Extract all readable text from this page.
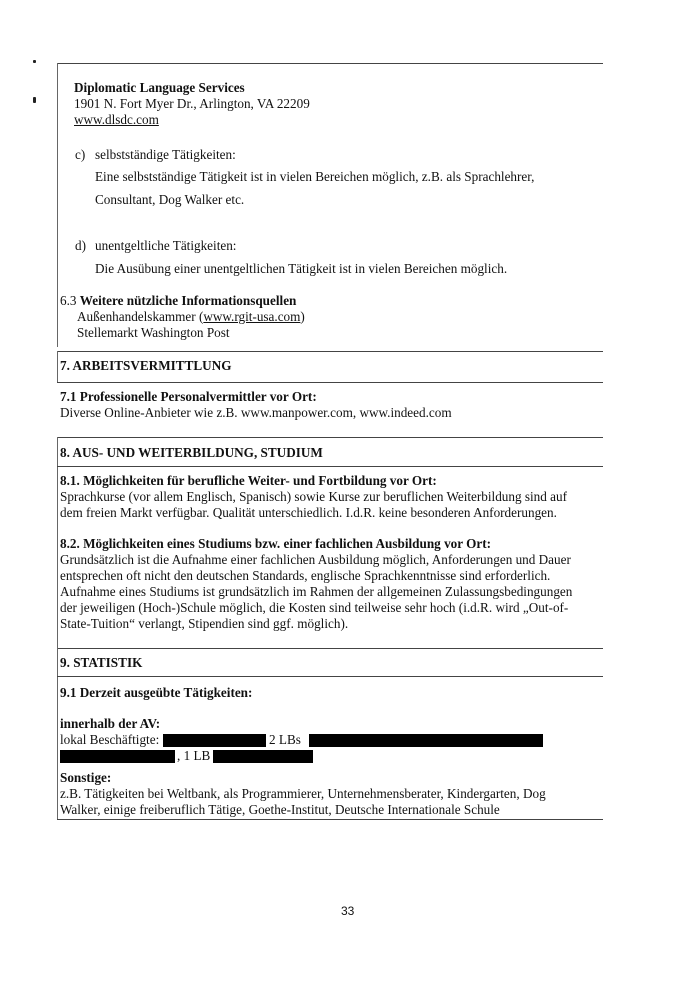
Diplomatic Language Services
1901 N. Fort Myer Dr., Arlington, VA 22209
www.dlsdc.com
c) selbstständige Tätigkeiten:
Eine selbstständige Tätigkeit ist in vielen Bereichen möglich, z.B. als Sprachlehrer,
Consultant, Dog Walker etc.
d) unentgeltliche Tätigkeiten:
Die Ausübung einer unentgeltlichen Tätigkeit ist in vielen Bereichen möglich.
6.3 Weitere nützliche Informationsquellen
Außenhandelskammer (www.rgit-usa.com)
Stellemarkt Washington Post
7. ARBEITSVERMITTLUNG
7.1 Professionelle Personalvermittler vor Ort:
Diverse Online-Anbieter wie z.B. www.manpower.com, www.indeed.com
8. AUS- UND WEITERBILDUNG, STUDIUM
8.1. Möglichkeiten für berufliche Weiter- und Fortbildung vor Ort:
Sprachkurse (vor allem Englisch, Spanisch) sowie Kurse zur beruflichen Weiterbildung sind auf
dem freien Markt verfügbar. Qualität unterschiedlich. I.d.R. keine besonderen Anforderungen.
8.2. Möglichkeiten eines Studiums bzw. einer fachlichen Ausbildung vor Ort:
Grundsätzlich ist die Aufnahme einer fachlichen Ausbildung möglich, Anforderungen und Dauer
entsprechen oft nicht den deutschen Standards, englische Sprachkenntnisse sind erforderlich.
Aufnahme eines Studiums ist grundsätzlich im Rahmen der allgemeinen Zulassungsbedingungen
der jeweiligen (Hoch-)Schule möglich, die Kosten sind teilweise sehr hoch (i.d.R. wird „Out-of-
State-Tuition“ verlangt, Stipendien sind ggf. möglich).
9. STATISTIK
9.1 Derzeit ausgeübte Tätigkeiten:
innerhalb der AV:
lokal Beschäftigte:	2 LBs
, 1 LB
Sonstige:
z.B. Tätigkeiten bei Weltbank, als Programmierer, Unternehmensberater, Kindergarten, Dog
Walker, einige freiberuflich Tätige, Goethe-Institut, Deutsche Internationale Schule
33
